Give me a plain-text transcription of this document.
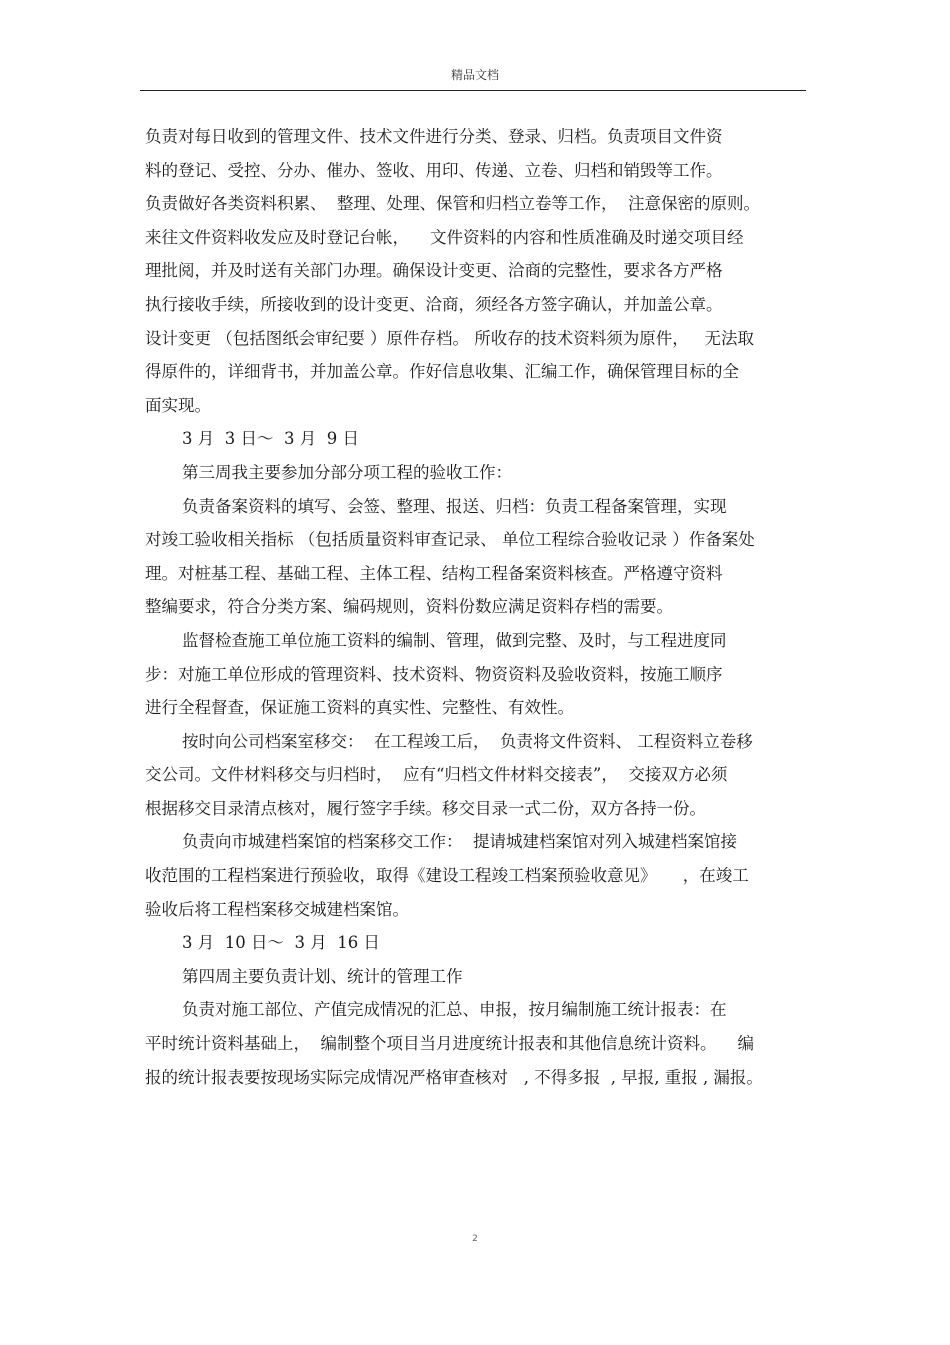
精品文档
负责对每日收到的管理文件、技术文件进行分类、登录、归档。负责项目文件资
料的登记、受控、分办、催办、签收、用印、传递、立卷、归档和销毁等工作。
负责做好各类资料积累、  整理、处理、保管和归档立卷等工作，  注意保密的原则。
来往文件资料收发应及时登记台帐，    文件资料的内容和性质准确及时递交项目经
理批阅，并及时送有关部门办理。确保设计变更、洽商的完整性，要求各方严格
执行接收手续，所接收到的设计变更、洽商，须经各方签字确认，并加盖公章。
设计变更 （包括图纸会审纪要 ）原件存档。 所收存的技术资料须为原件，   无法取
得原件的，详细背书，并加盖公章。作好信息收集、汇编工作，确保管理目标的全
面实现。
3 月  3 日～  3 月  9 日
第三周我主要参加分部分项工程的验收工作：
负责备案资料的填写、会签、整理、报送、归档：负责工程备案管理，实现
对竣工验收相关指标 （包括质量资料审查记录、 单位工程综合验收记录 ）作备案处
理。对桩基工程、基础工程、主体工程、结构工程备案资料核查。严格遵守资料
整编要求，符合分类方案、编码规则，资料份数应满足资料存档的需要。
监督检查施工单位施工资料的编制、管理，做到完整、及时，与工程进度同
步：对施工单位形成的管理资料、技术资料、物资资料及验收资料，按施工顺序
进行全程督查，保证施工资料的真实性、完整性、有效性。
按时向公司档案室移交：  在工程竣工后，  负责将文件资料、 工程资料立卷移
交公司。文件材料移交与归档时，  应有“归档文件材料交接表”，  交接双方必须
根据移交目录清点核对，履行签字手续。移交目录一式二份，双方各持一份。
负责向市城建档案馆的档案移交工作：  提请城建档案馆对列入城建档案馆接
收范围的工程档案进行预验收，取得《建设工程竣工档案预验收意见》     ，在竣工
验收后将工程档案移交城建档案馆。
3 月  10 日～  3 月  16 日
第四周主要负责计划、统计的管理工作
负责对施工部位、产值完成情况的汇总、申报，按月编制施工统计报表：在
平时统计资料基础上，  编制整个项目当月进度统计报表和其他信息统计资料。    编
报的统计报表要按现场实际完成情况严格审查核对   , 不得多报  , 早报, 重报 , 漏报。
2
